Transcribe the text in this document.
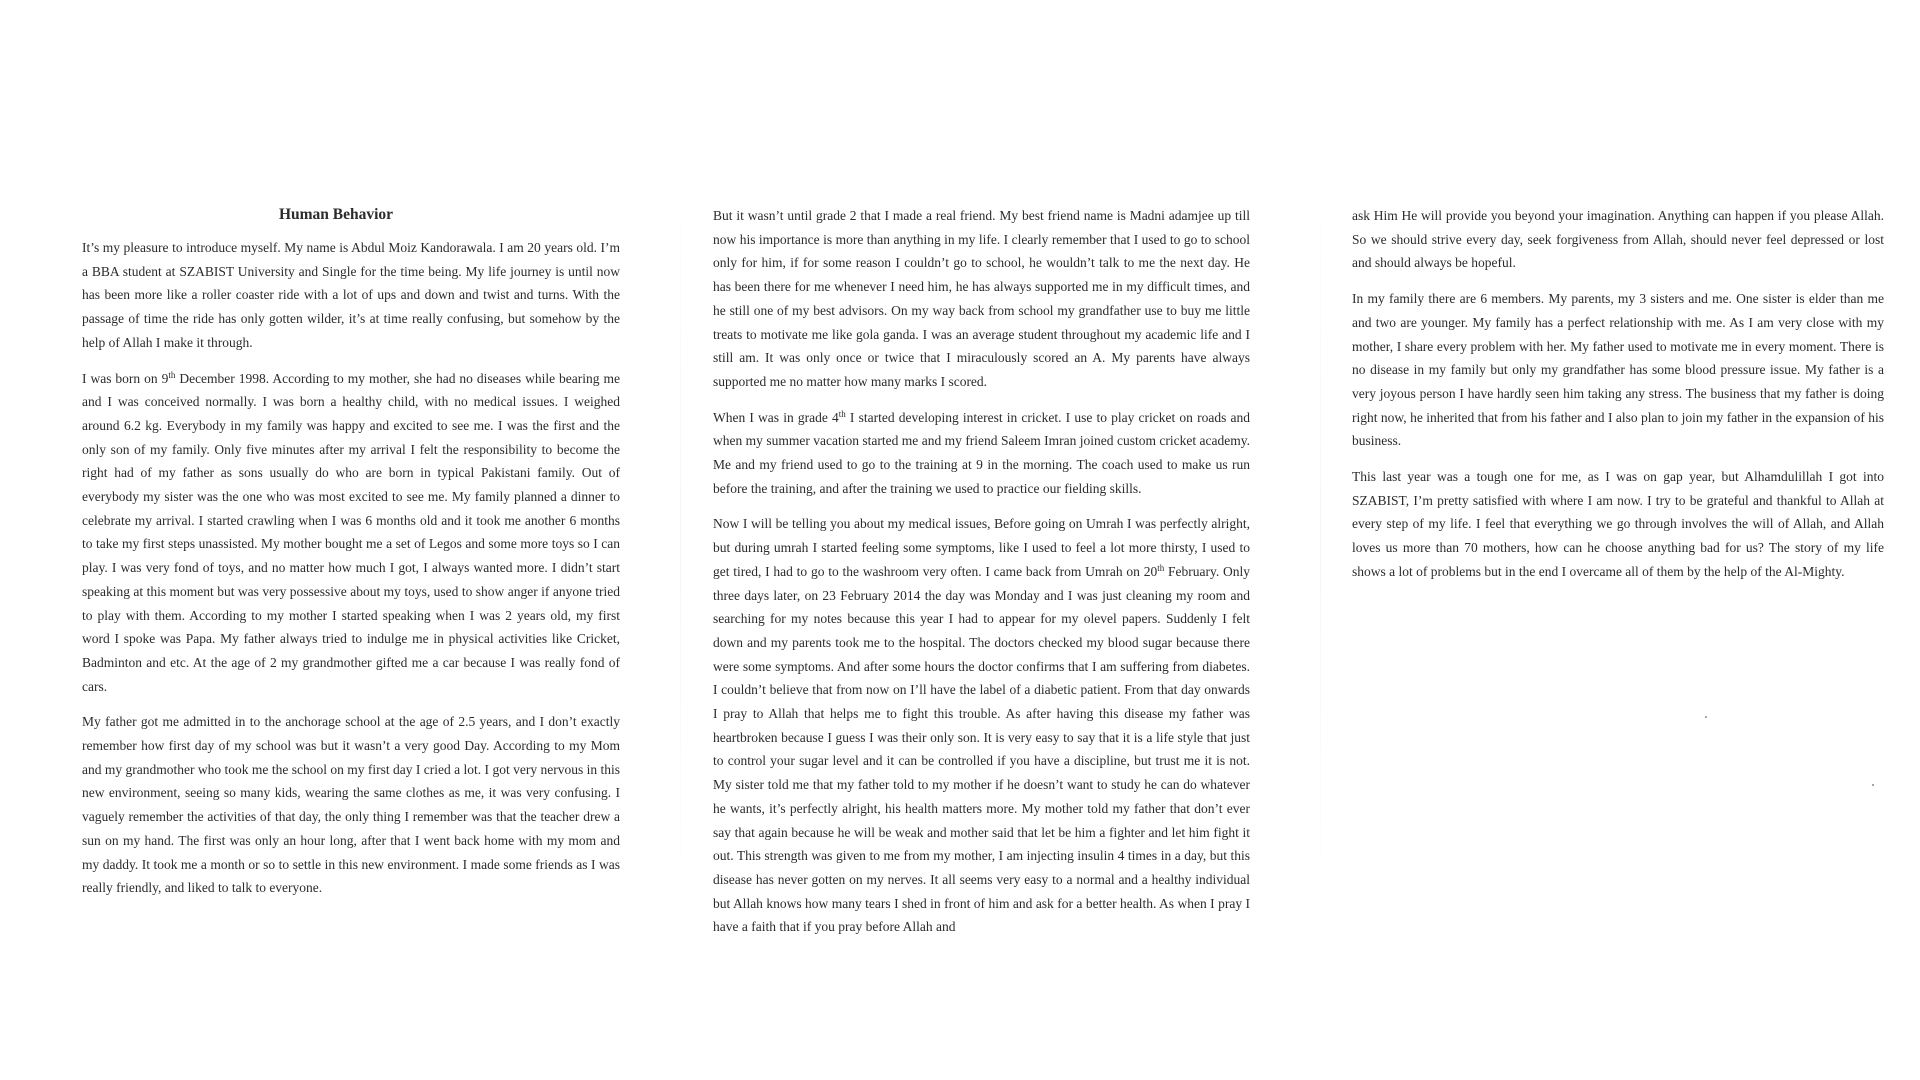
Human Behavior

It’s my pleasure to introduce myself. My name is Abdul Moiz Kandorawala. I am 20 years old. I’m a BBA student at SZABIST University and Single for the time being. My life journey is until now has been more like a roller coaster ride with a lot of ups and down and twist and turns. With the passage of time the ride has only gotten wilder, it’s at time really confusing, but somehow by the help of Allah I make it through.

I was born on 9th December 1998. According to my mother, she had no diseases while bearing me and I was conceived normally. I was born a healthy child, with no medical issues. I weighed around 6.2 kg. Everybody in my family was happy and excited to see me. I was the first and the only son of my family. Only five minutes after my arrival I felt the responsibility to become the right had of my father as sons usually do who are born in typical Pakistani family. Out of everybody my sister was the one who was most excited to see me. My family planned a dinner to celebrate my arrival. I started crawling when I was 6 months old and it took me another 6 months to take my first steps unassisted. My mother bought me a set of Legos and some more toys so I can play. I was very fond of toys, and no matter how much I got, I always wanted more. I didn’t start speaking at this moment but was very possessive about my toys, used to show anger if anyone tried to play with them. According to my mother I started speaking when I was 2 years old, my first word I spoke was Papa. My father always tried to indulge me in physical activities like Cricket, Badminton and etc. At the age of 2 my grandmother gifted me a car because I was really fond of cars.

My father got me admitted in to the anchorage school at the age of 2.5 years, and I don’t exactly remember how first day of my school was but it wasn’t a very good Day. According to my Mom and my grandmother who took me the school on my first day I cried a lot. I got very nervous in this new environment, seeing so many kids, wearing the same clothes as me, it was very confusing. I vaguely remember the activities of that day, the only thing I remember was that the teacher drew a sun on my hand. The first was only an hour long, after that I went back home with my mom and my daddy. It took me a month or so to settle in this new environment. I made some friends as I was really friendly, and liked to talk to everyone.

But it wasn’t until grade 2 that I made a real friend. My best friend name is Madni adamjee up till now his importance is more than anything in my life. I clearly remember that I used to go to school only for him, if for some reason I couldn’t go to school, he wouldn’t talk to me the next day. He has been there for me whenever I need him, he has always supported me in my difficult times, and he still one of my best advisors. On my way back from school my grandfather use to buy me little treats to motivate me like gola ganda. I was an average student throughout my academic life and I still am. It was only once or twice that I miraculously scored an A. My parents have always supported me no matter how many marks I scored.

When I was in grade 4th I started developing interest in cricket. I use to play cricket on roads and when my summer vacation started me and my friend Saleem Imran joined custom cricket academy. Me and my friend used to go to the training at 9 in the morning. The coach used to make us run before the training, and after the training we used to practice our fielding skills.

Now I will be telling you about my medical issues, Before going on Umrah I was perfectly alright, but during umrah I started feeling some symptoms, like I used to feel a lot more thirsty, I used to get tired, I had to go to the washroom very often. I came back from Umrah on 20th February. Only three days later, on 23 February 2014 the day was Monday and I was just cleaning my room and searching for my notes because this year I had to appear for my olevel papers. Suddenly I felt down and my parents took me to the hospital. The doctors checked my blood sugar because there were some symptoms. And after some hours the doctor confirms that I am suffering from diabetes. I couldn’t believe that from now on I’ll have the label of a diabetic patient. From that day onwards I pray to Allah that helps me to fight this trouble. As after having this disease my father was heartbroken because I guess I was their only son. It is very easy to say that it is a life style that just to control your sugar level and it can be controlled if you have a discipline, but trust me it is not. My sister told me that my father told to my mother if he doesn’t want to study he can do whatever he wants, it’s perfectly alright, his health matters more. My mother told my father that don’t ever say that again because he will be weak and mother said that let be him a fighter and let him fight it out. This strength was given to me from my mother, I am injecting insulin 4 times in a day, but this disease has never gotten on my nerves. It all seems very easy to a normal and a healthy individual but Allah knows how many tears I shed in front of him and ask for a better health. As when I pray I have a faith that if you pray before Allah and

ask Him He will provide you beyond your imagination. Anything can happen if you please Allah. So we should strive every day, seek forgiveness from Allah, should never feel depressed or lost and should always be hopeful.

In my family there are 6 members. My parents, my 3 sisters and me. One sister is elder than me and two are younger. My family has a perfect relationship with me. As I am very close with my mother, I share every problem with her. My father used to motivate me in every moment. There is no disease in my family but only my grandfather has some blood pressure issue. My father is a very joyous person I have hardly seen him taking any stress. The business that my father is doing right now, he inherited that from his father and I also plan to join my father in the expansion of his business.

This last year was a tough one for me, as I was on gap year, but Alhamdulillah I got into SZABIST, I’m pretty satisfied with where I am now. I try to be grateful and thankful to Allah at every step of my life. I feel that everything we go through involves the will of Allah, and Allah loves us more than 70 mothers, how can he choose anything bad for us? The story of my life shows a lot of problems but in the end I overcame all of them by the help of the Al-Mighty.
